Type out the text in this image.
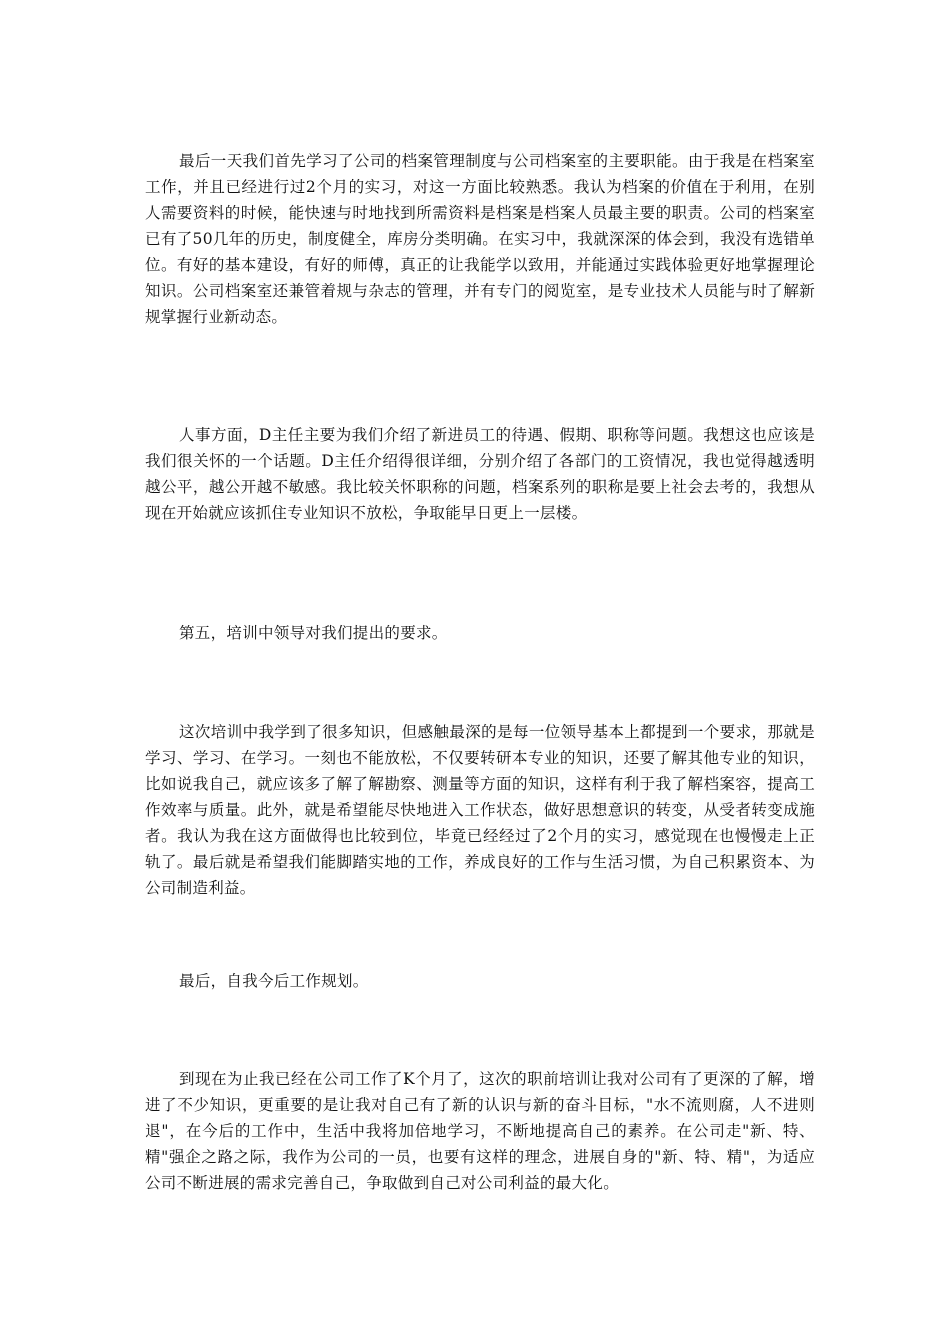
最后一天我们首先学习了公司的档案管理制度与公司档案室的主要职能。由于我是在档案室工作，并且已经进行过2个月的实习，对这一方面比较熟悉。我认为档案的价值在于利用，在别人需要资料的时候，能快速与时地找到所需资料是档案是档案人员最主要的职责。公司的档案室已有了50几年的历史，制度健全，库房分类明确。在实习中，我就深深的体会到，我没有选错单位。有好的基本建设，有好的师傅，真正的让我能学以致用，并能通过实践体验更好地掌握理论知识。公司档案室还兼管着规与杂志的管理，并有专门的阅览室，是专业技术人员能与时了解新规掌握行业新动态。

人事方面，D主任主要为我们介绍了新进员工的待遇、假期、职称等问题。我想这也应该是我们很关怀的一个话题。D主任介绍得很详细，分别介绍了各部门的工资情况，我也觉得越透明越公平，越公开越不敏感。我比较关怀职称的问题，档案系列的职称是要上社会去考的，我想从现在开始就应该抓住专业知识不放松，争取能早日更上一层楼。

第五，培训中领导对我们提出的要求。

这次培训中我学到了很多知识，但感触最深的是每一位领导基本上都提到一个要求，那就是学习、学习、在学习。一刻也不能放松，不仅要转研本专业的知识，还要了解其他专业的知识，比如说我自己，就应该多了解了解勘察、测量等方面的知识，这样有利于我了解档案容，提高工作效率与质量。此外，就是希望能尽快地进入工作状态，做好思想意识的转变，从受者转变成施者。我认为我在这方面做得也比较到位，毕竟已经经过了2个月的实习，感觉现在也慢慢走上正轨了。最后就是希望我们能脚踏实地的工作，养成良好的工作与生活习惯，为自己积累资本、为公司制造利益。

最后，自我今后工作规划。

到现在为止我已经在公司工作了K个月了，这次的职前培训让我对公司有了更深的了解，增进了不少知识，更重要的是让我对自己有了新的认识与新的奋斗目标，"水不流则腐，人不进则退"，在今后的工作中，生活中我将加倍地学习，不断地提高自己的素养。在公司走"新、特、精"强企之路之际，我作为公司的一员，也要有这样的理念，进展自身的"新、特、精"，为适应公司不断进展的需求完善自己，争取做到自己对公司利益的最大化。
